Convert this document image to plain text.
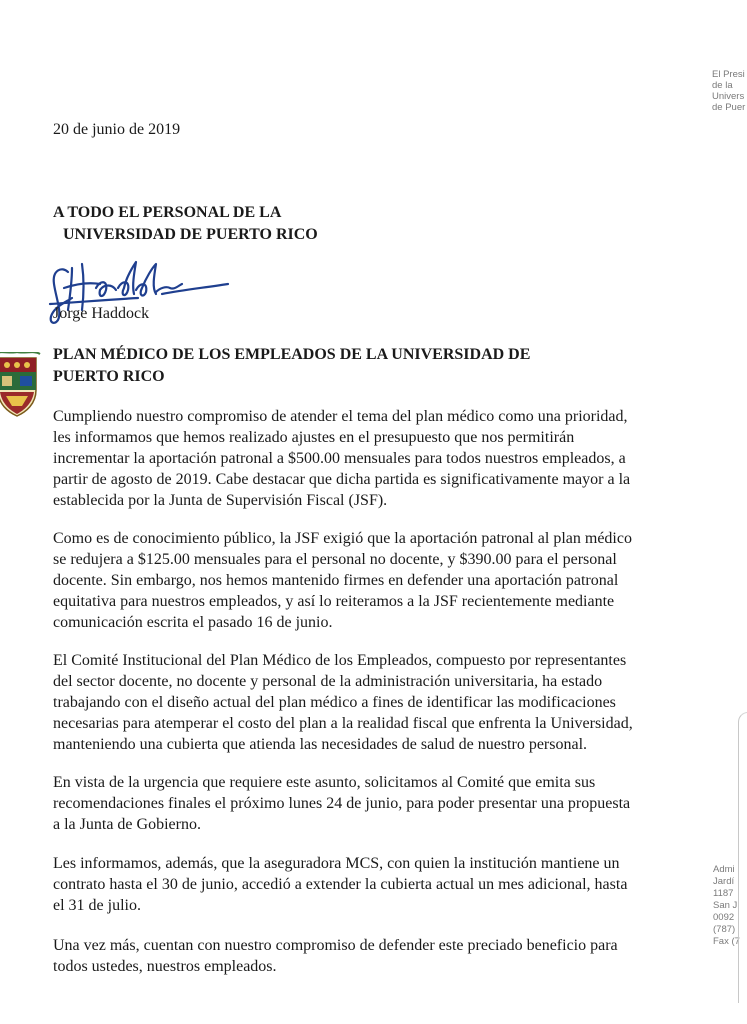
El Presi
de la
Univers
de Puer
Admi
Jardí
1187
San J
0092
(787)
Fax (7
20 de junio de 2019
A TODO EL PERSONAL DE LA
UNIVERSIDAD DE PUERTO RICO
Jorge Haddock
PLAN MÉDICO DE LOS EMPLEADOS DE LA UNIVERSIDAD DE
PUERTO RICO

Cumpliendo nuestro compromiso de atender el tema del plan médico como una prioridad,
les informamos que hemos realizado ajustes en el presupuesto que nos permitirán
incrementar la aportación patronal a $500.00 mensuales para todos nuestros empleados, a
partir de agosto de 2019. Cabe destacar que dicha partida es significativamente mayor a la
establecida por la Junta de Supervisión Fiscal (JSF).

Como es de conocimiento público, la JSF exigió que la aportación patronal al plan médico
se redujera a $125.00 mensuales para el personal no docente, y $390.00 para el personal
docente. Sin embargo, nos hemos mantenido firmes en defender una aportación patronal
equitativa para nuestros empleados, y así lo reiteramos a la JSF recientemente mediante
comunicación escrita el pasado 16 de junio.

El Comité Institucional del Plan Médico de los Empleados, compuesto por representantes
del sector docente, no docente y personal de la administración universitaria, ha estado
trabajando con el diseño actual del plan médico a fines de identificar las modificaciones
necesarias para atemperar el costo del plan a la realidad fiscal que enfrenta la Universidad,
manteniendo una cubierta que atienda las necesidades de salud de nuestro personal.

En vista de la urgencia que requiere este asunto, solicitamos al Comité que emita sus
recomendaciones finales el próximo lunes 24 de junio, para poder presentar una propuesta
a la Junta de Gobierno.

Les informamos, además, que la aseguradora MCS, con quien la institución mantiene un
contrato hasta el 30 de junio, accedió a extender la cubierta actual un mes adicional, hasta
el 31 de julio.

Una vez más, cuentan con nuestro compromiso de defender este preciado beneficio para
todos ustedes, nuestros empleados.
